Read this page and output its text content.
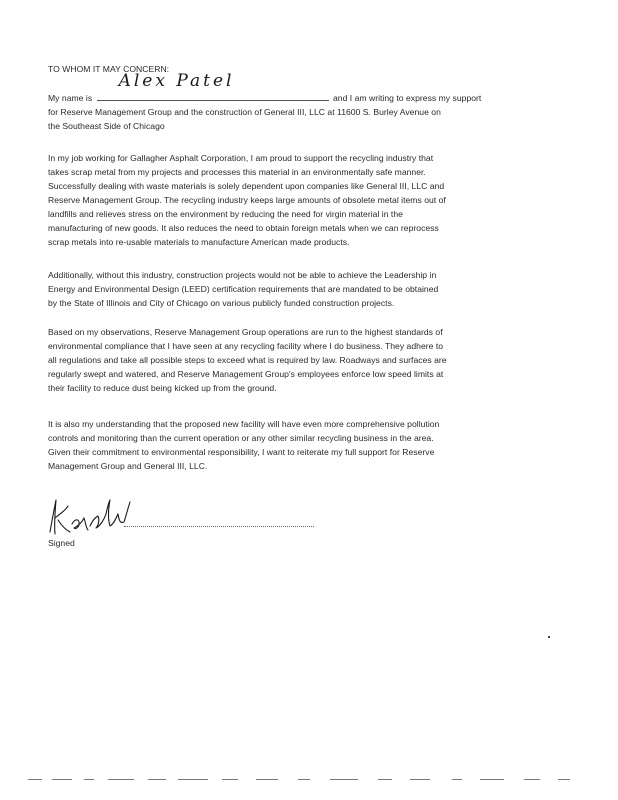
TO WHOM IT MAY CONCERN:
My name is
Alex Patel
and I am writing to express my support
for Reserve Management Group and the construction of General III, LLC at 11600 S. Burley Avenue on
the Southeast Side of Chicago
In my job working for Gallagher Asphalt Corporation, I am proud to support the recycling industry that
takes scrap metal from my projects and processes this material in an environmentally safe manner.
Successfully dealing with waste materials is solely dependent upon companies like General III, LLC and
Reserve Management Group. The recycling industry keeps large amounts of obsolete metal items out of
landfills and relieves stress on the environment by reducing the need for virgin material in the
manufacturing of new goods. It also reduces the need to obtain foreign metals when we can reprocess
scrap metals into re-usable materials to manufacture American made products.
Additionally, without this industry, construction projects would not be able to achieve the Leadership in
Energy and Environmental Design (LEED) certification requirements that are mandated to be obtained
by the State of Illinois and City of Chicago on various publicly funded construction projects.
Based on my observations, Reserve Management Group operations are run to the highest standards of
environmental compliance that I have seen at any recycling facility where I do business. They adhere to
all regulations and take all possible steps to exceed what is required by law. Roadways and surfaces are
regularly swept and watered, and Reserve Management Group's employees enforce low speed limits at
their facility to reduce dust being kicked up from the ground.
It is also my understanding that the proposed new facility will have even more comprehensive pollution
controls and monitoring than the current operation or any other similar recycling business in the area.
Given their commitment to environmental responsibility, I want to reiterate my full support for Reserve
Management Group and General III, LLC.
Signed
